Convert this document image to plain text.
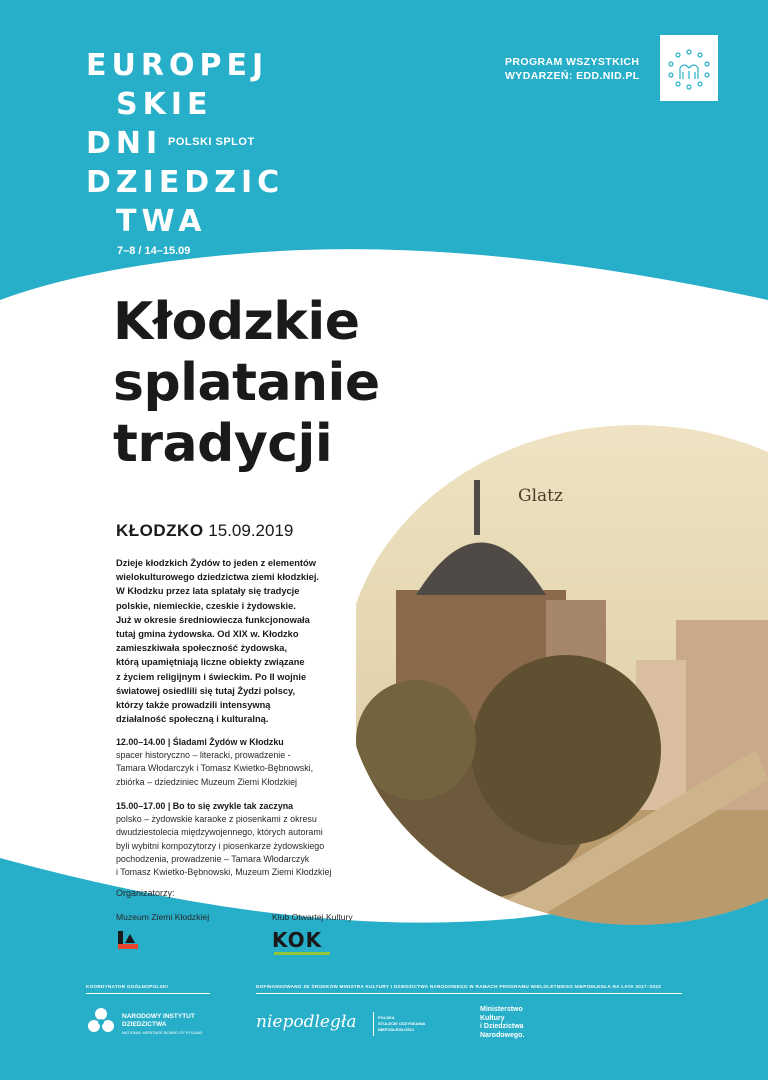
Glatz
EUROPEJ
SKIE
DNI POLSKI SPLOT
DZIEDZIC
TWA
7–8 / 14–15.09
PROGRAM WSZYSTKICH
WYDARZEŃ: EDD.NID.PL
Kłodzkie
splatanie
tradycji
KŁODZKO 15.09.2019

Dzieje kłodzkich Żydów to jeden z elementów

wielokulturowego dziedzictwa ziemi kłodzkiej.

W Kłodzku przez lata splatały się tradycje

polskie, niemieckie, czeskie i żydowskie.

Już w okresie średniowiecza funkcjonowała

tutaj gmina żydowska. Od XIX w. Kłodzko

zamieszkiwała społeczność żydowska,

którą upamiętniają liczne obiekty związane

z życiem religijnym i świeckim. Po II wojnie

światowej osiedlili się tutaj Żydzi polscy,

którzy także prowadzili intensywną

działalność społeczną i kulturalną.

12.00–14.00 | Śladami Żydów w Kłodzku

spacer historyczno – literacki, prowadzenie -

Tamara Włodarczyk i Tomasz Kwietko-Bębnowski,

zbiórka – dziedziniec Muzeum Ziemi Kłodzkiej

15.00–17.00 | Bo to się zwykle tak zaczyna

polsko – żydowskie karaoke z piosenkami z okresu

dwudziestolecia międzywojennego, których autorami

byli wybitni kompozytorzy i piosenkarze żydowskiego

pochodzenia, prowadzenie – Tamara Włodarczyk

i Tomasz Kwietko-Bębnowski, Muzeum Ziemi Kłodzkiej

Organizatorzy:
Muzeum Ziemi Kłodzkiej	Klub Otwartej Kultury
KOK
KOORDYNATOR OGÓLNOPOLSKI	DOFINANSOWANO ZE ŚRODKÓW MINISTRA KULTURY I DZIEDZICTWA NARODOWEGO W RAMACH PROGRAMU WIELOLETNIEGO NIEPODLEGŁA NA LATA 2017–2022
NARODOWY INSTYTUT
DZIEDZICTWA
NATIONAL HERITAGE BOARD OF POLAND
niepodległa	POLSKA
STULECIE ODZYSKANIA
NIEPODLEGŁOŚCI
Ministerstwo
Kultury
i Dziedzictwa
Narodowego.
